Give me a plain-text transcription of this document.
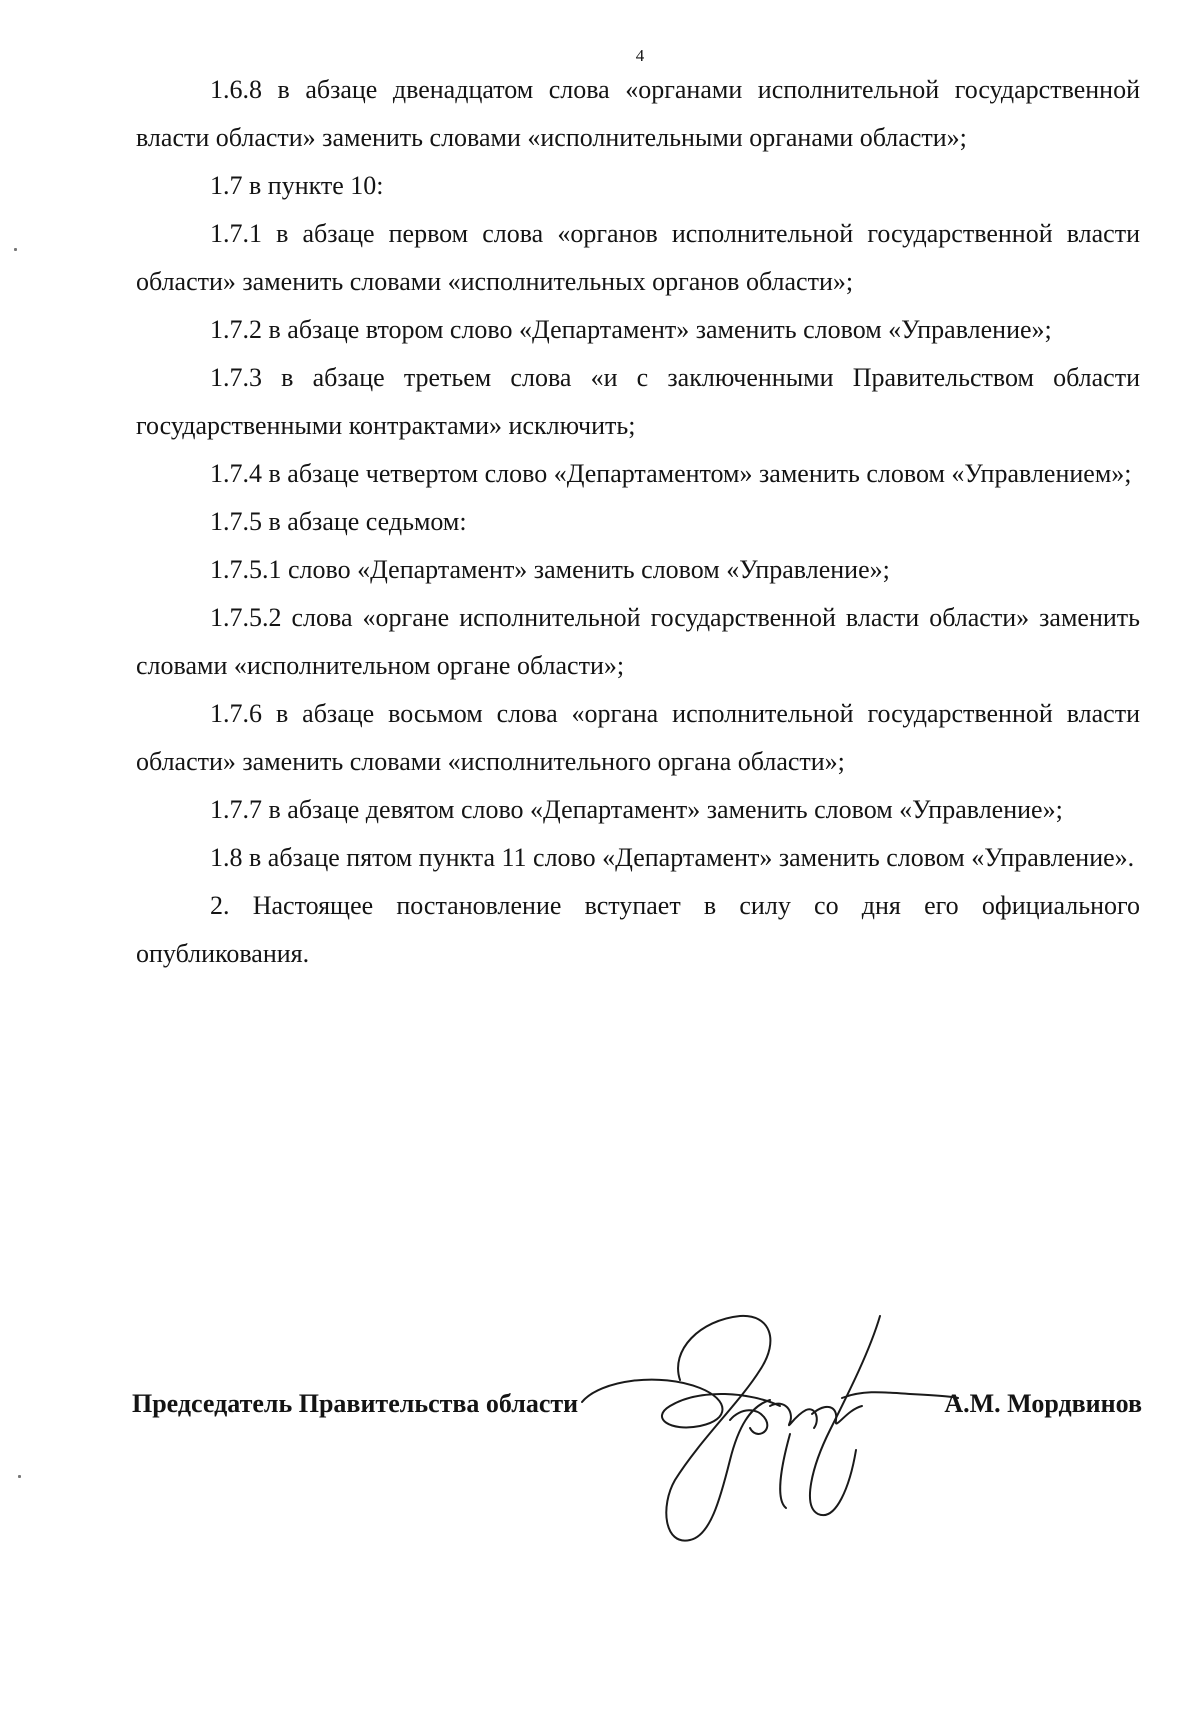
4

1.6.8 в абзаце двенадцатом слова «органами исполнительной государственной власти области» заменить словами «исполнительными органами области»;

1.7 в пункте 10:

1.7.1 в абзаце первом слова «органов исполнительной государственной власти области» заменить словами «исполнительных органов области»;

1.7.2 в абзаце втором слово «Департамент» заменить словом «Управление»;

1.7.3 в абзаце третьем слова «и с заключенными Правительством области государственными контрактами» исключить;

1.7.4 в абзаце четвертом слово «Департаментом» заменить словом «Управлением»;

1.7.5 в абзаце седьмом:

1.7.5.1 слово «Департамент» заменить словом «Управление»;

1.7.5.2 слова «органе исполнительной государственной власти области» заменить словами «исполнительном органе области»;

1.7.6 в абзаце восьмом слова «органа исполнительной государственной власти области» заменить словами «исполнительного органа области»;

1.7.7 в абзаце девятом слово «Департамент» заменить словом «Управление»;

1.8 в абзаце пятом пункта 11 слово «Департамент» заменить словом «Управление».

2. Настоящее постановление вступает в силу со дня его официального опубликования.

Председатель Правительства области	А.М. Мордвинов
